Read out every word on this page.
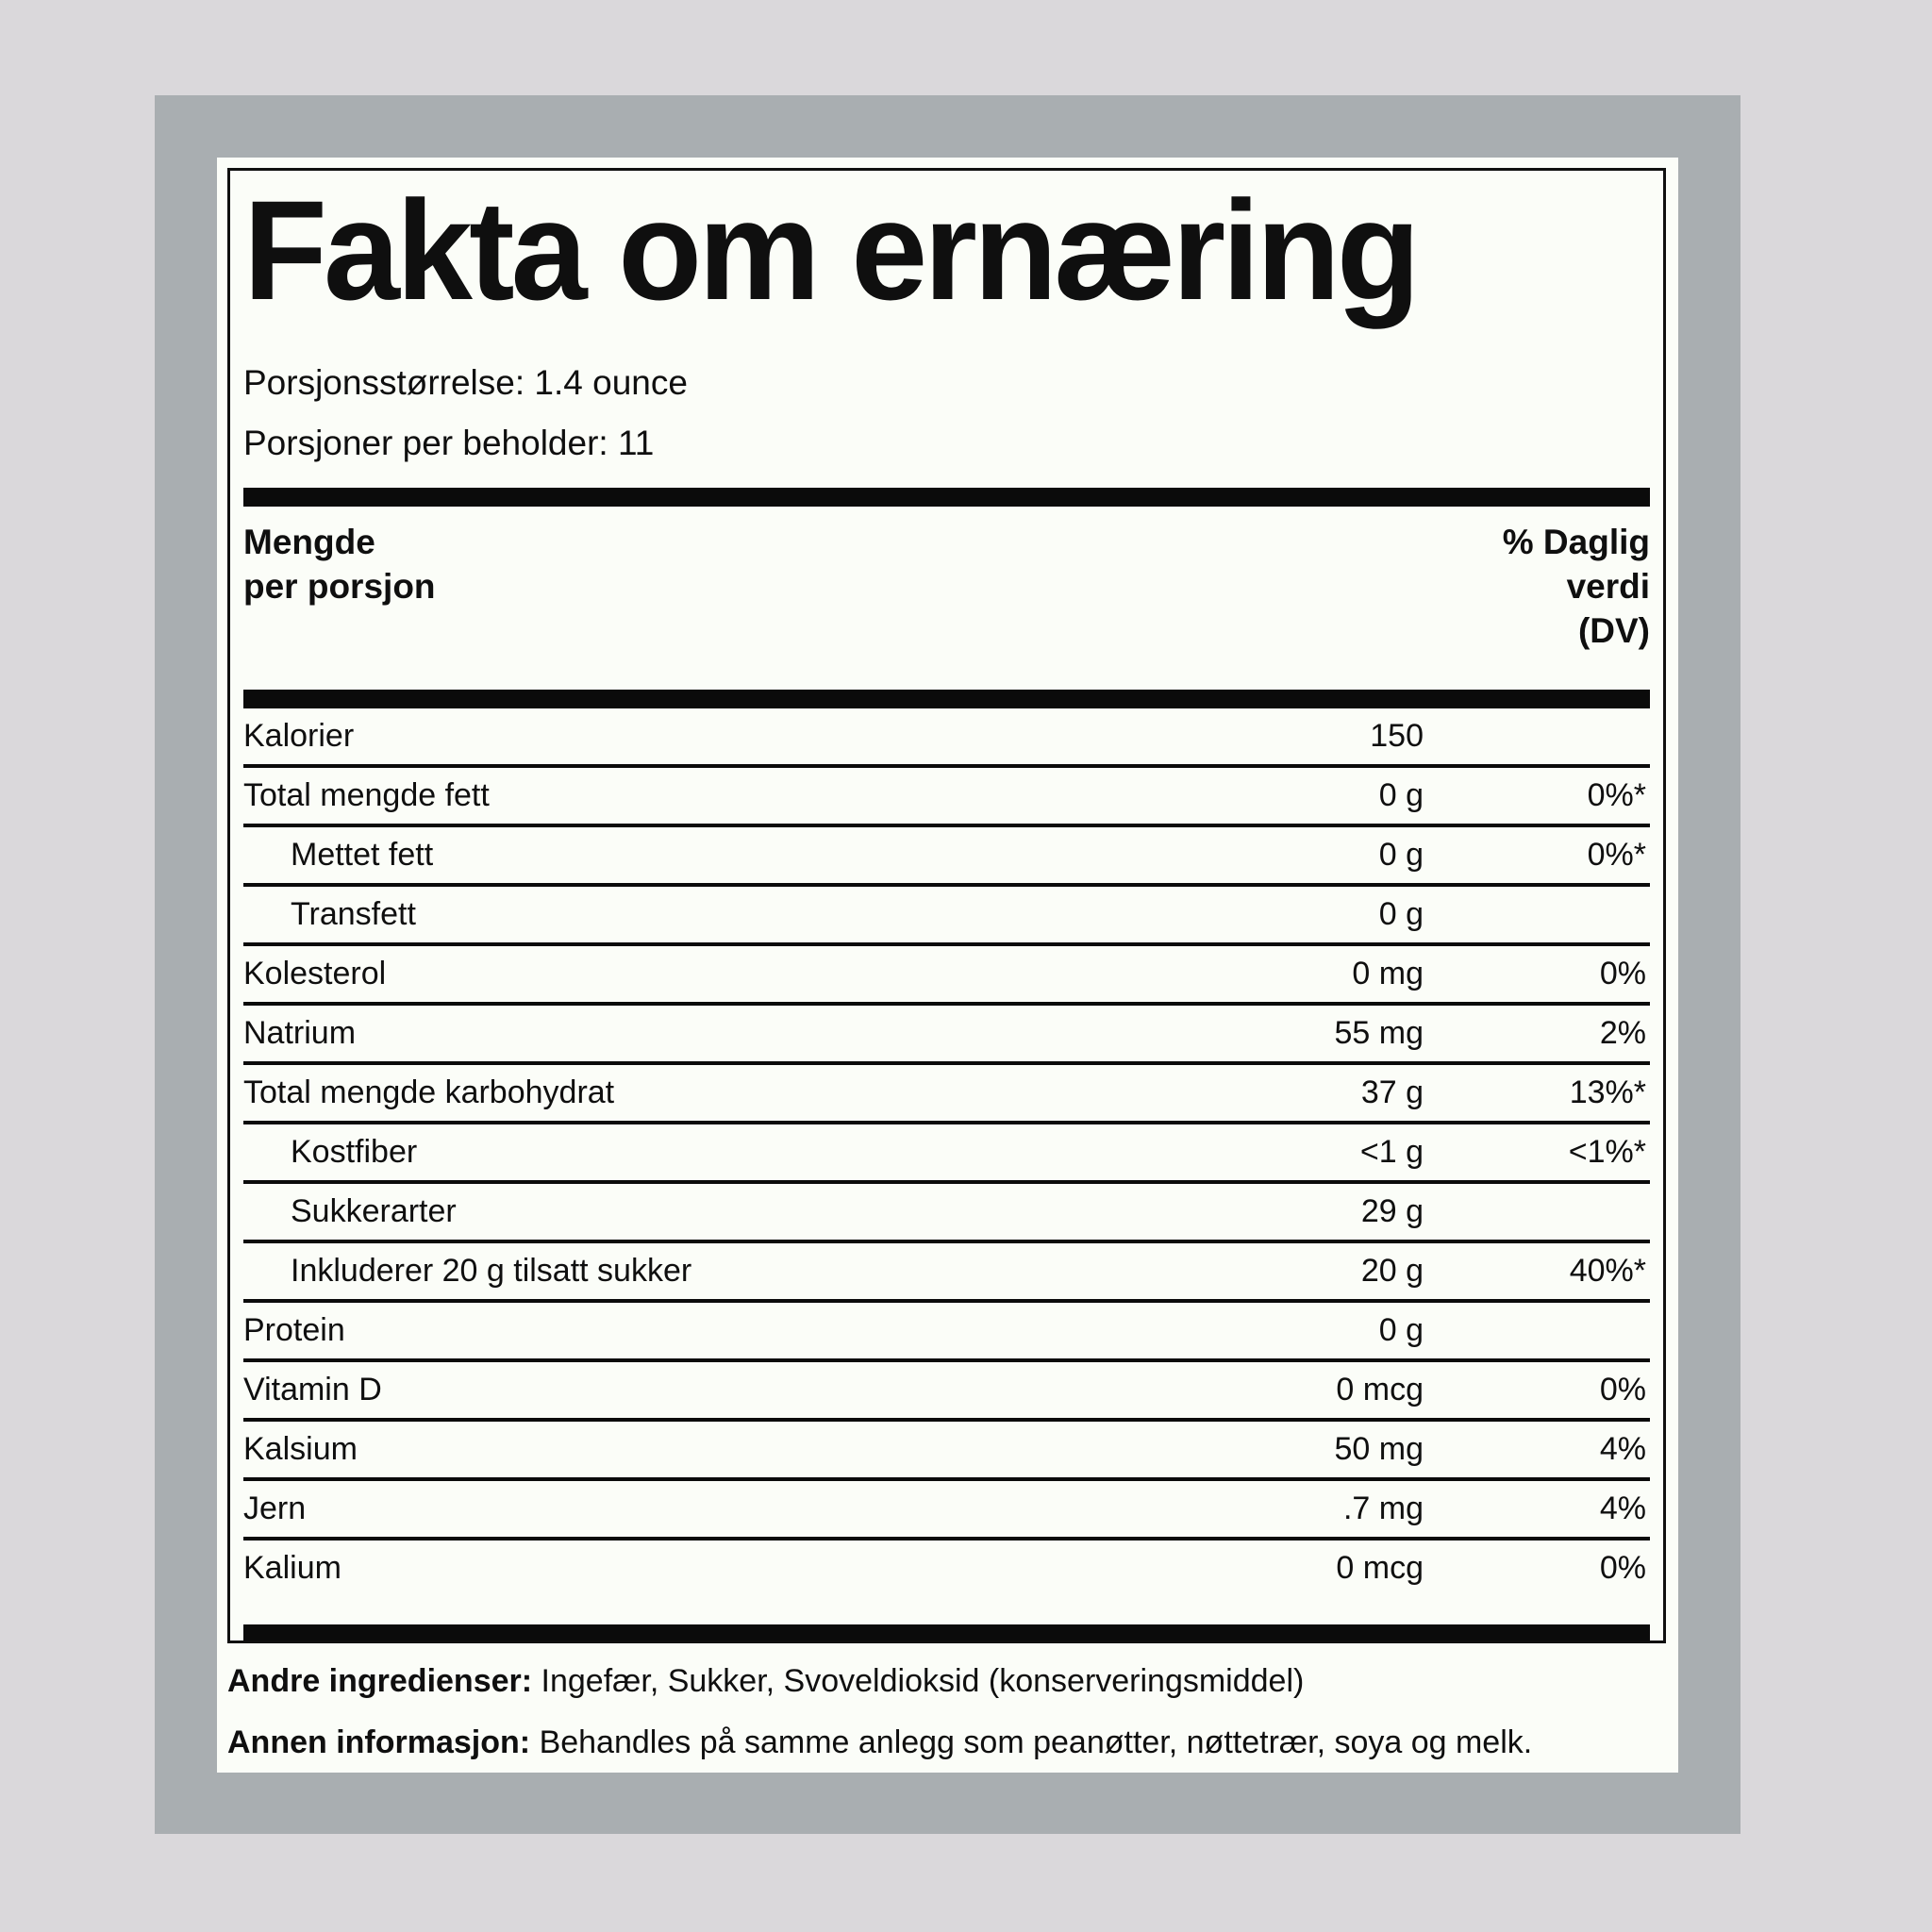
Fakta om ernæring
Porsjonsstørrelse: 1.4 ounce
Porsjoner per beholder: 11
Mengde
per porsjon
% Daglig
verdi
(DV)
Kalorier	150
Total mengde fett	0 g	0%*
Mettet fett	0 g	0%*
Transfett	0 g
Kolesterol	0 mg	0%
Natrium	55 mg	2%
Total mengde karbohydrat	37 g	13%*
Kostfiber	<1 g	<1%*
Sukkerarter	29 g
Inkluderer 20 g tilsatt sukker	20 g	40%*
Protein	0 g
Vitamin D	0 mcg	0%
Kalsium	50 mg	4%
Jern	.7 mg	4%
Kalium	0 mcg	0%

Andre ingredienser: Ingefær, Sukker, Svoveldioksid (konserveringsmiddel)

Annen informasjon: Behandles på samme anlegg som peanøtter, nøttetrær, soya og melk.
